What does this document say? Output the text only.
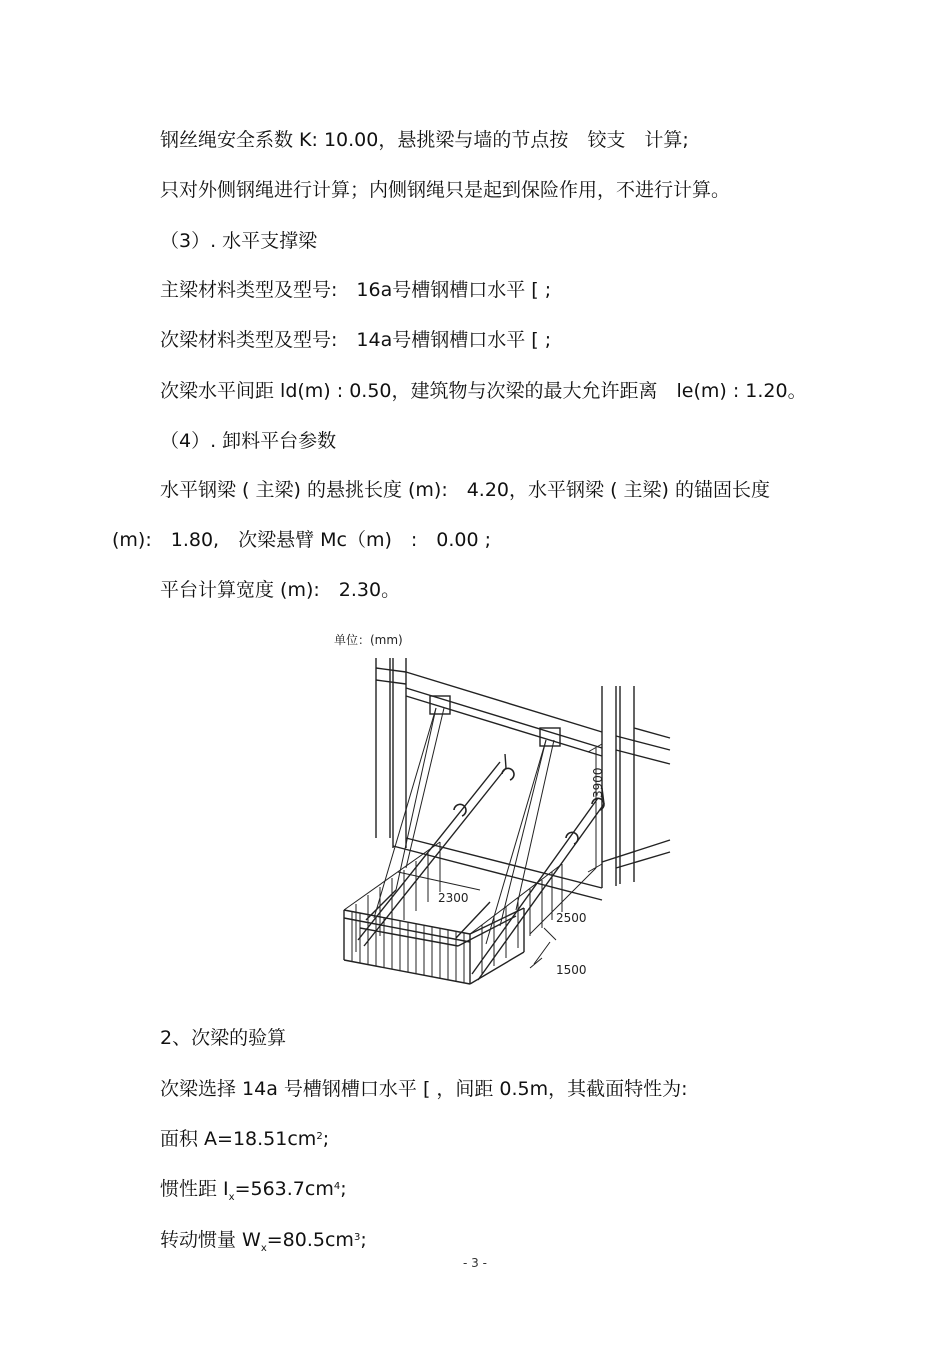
钢丝绳安全系数 K: 10.00，悬挑梁与墙的节点按　铰支　计算;
只对外侧钢绳进行计算；内侧钢绳只是起到保险作用，不进行计算。
（3）. 水平支撑梁
主梁材料类型及型号:　16a号槽钢槽口水平 [ ;
次梁材料类型及型号:　14a号槽钢槽口水平 [ ;
次梁水平间距 ld(m) : 0.50，建筑物与次梁的最大允许距离　le(m) : 1.20。
（4）. 卸料平台参数
水平钢梁 ( 主梁) 的悬挑长度 (m):　4.20，水平钢梁 ( 主梁) 的锚固长度
(m):　1.80,　次梁悬臂 Mc（m)　:　0.00 ;
平台计算宽度 (m):　2.30。
单位：(mm)
3900
2300
2500
1500
2、次梁的验算
次梁选择 14a 号槽钢槽口水平 [ ，间距 0.5m，其截面特性为:
面积 $A=18.51cm^2$;
惯性距 $I_x=563.7cm^4$;
转动惯量 $W_x=80.5cm^3$;
- 3 -
